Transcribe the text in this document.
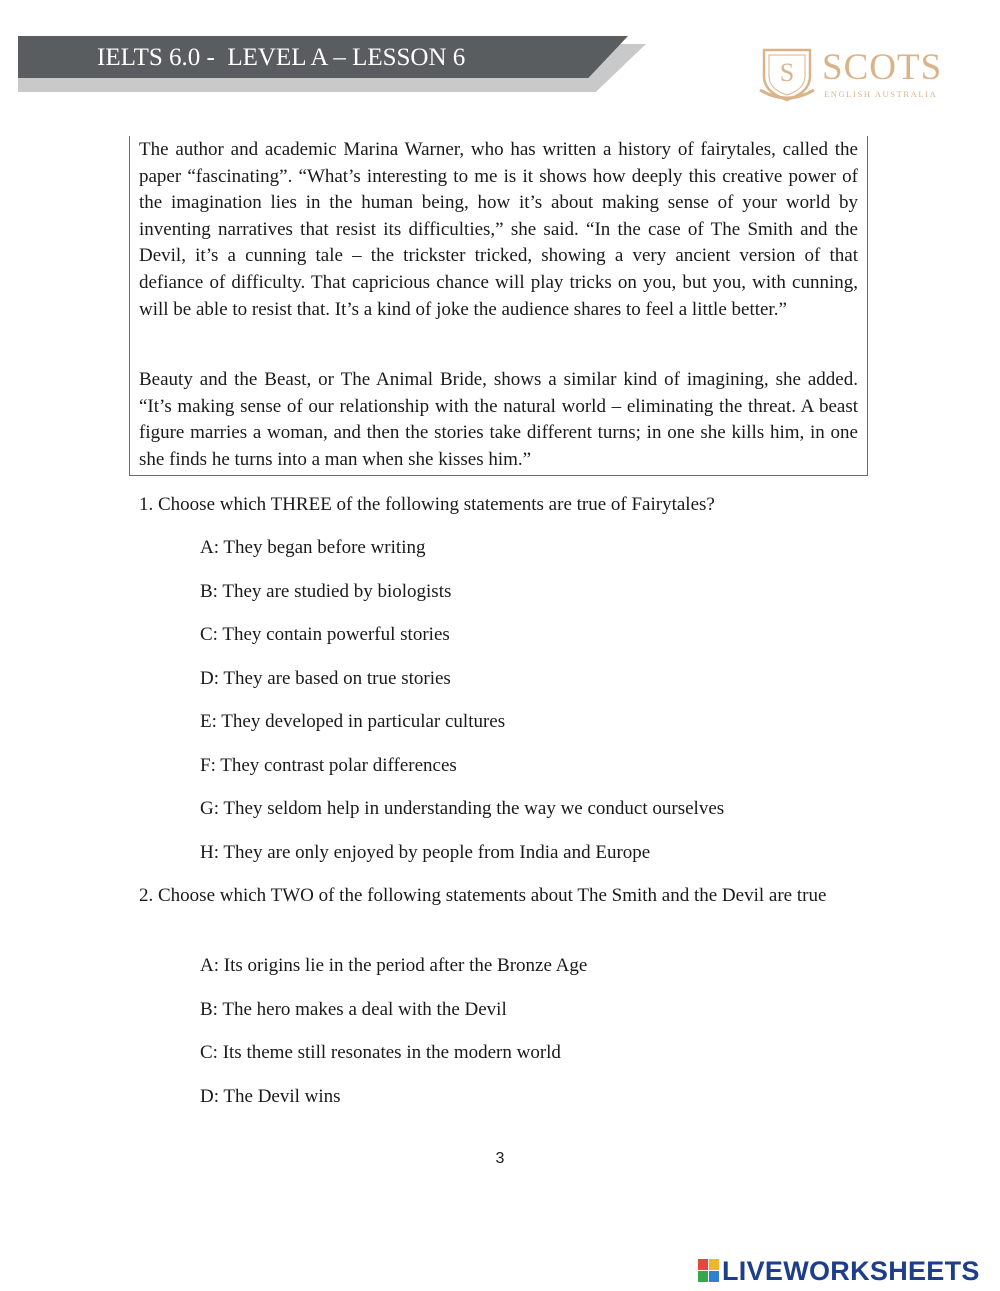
IELTS 6.0 -  LEVEL A – LESSON 6
S SCOTS
ENGLISH AUSTRALIA

The author and academic Marina Warner, who has written a history of fairytales, called the paper “fascinating”. “What’s interesting to me is it shows how deeply this creative power of the imagination lies in the human being, how it’s about making sense of your world by inventing narratives that resist its difficulties,” she said. “In the case of The Smith and the Devil, it’s a cunning tale – the trickster tricked, showing a very ancient version of that defiance of difficulty. That capricious chance will play tricks on you, but you, with cunning, will be able to resist that. It’s a kind of joke the audience shares to feel a little better.”

Beauty and the Beast, or The Animal Bride, shows a similar kind of imagining, she added. “It’s making sense of our relationship with the natural world – eliminating the threat. A beast figure marries a woman, and then the stories take different turns; in one she kills him, in one she finds he turns into a man when she kisses him.”

1. Choose which THREE of the following statements are true of Fairytales?

A: They began before writing

B: They are studied by biologists

C: They contain powerful stories

D: They are based on true stories

E: They developed in particular cultures

F: They contrast polar differences

G: They seldom help in understanding the way we conduct ourselves

H: They are only enjoyed by people from India and Europe

2. Choose which TWO of the following statements about The Smith and the Devil are true

A: Its origins lie in the period after the Bronze Age

B: The hero makes a deal with the Devil

C: Its theme still resonates in the modern world

D: The Devil wins

3
LIVEWORKSHEETS
